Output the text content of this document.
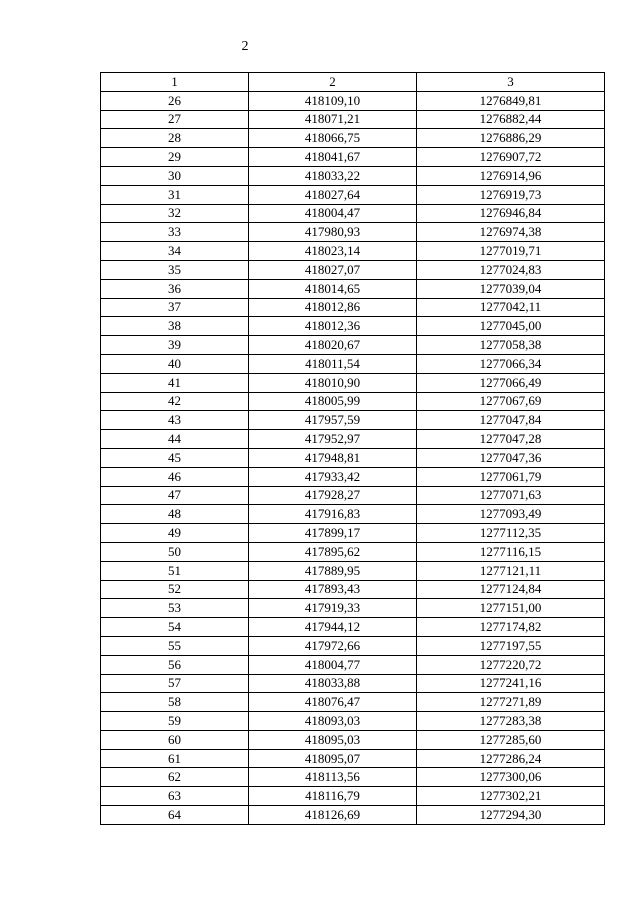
2
1	2	3
26	418109,10	1276849,81
27	418071,21	1276882,44
28	418066,75	1276886,29
29	418041,67	1276907,72
30	418033,22	1276914,96
31	418027,64	1276919,73
32	418004,47	1276946,84
33	417980,93	1276974,38
34	418023,14	1277019,71
35	418027,07	1277024,83
36	418014,65	1277039,04
37	418012,86	1277042,11
38	418012,36	1277045,00
39	418020,67	1277058,38
40	418011,54	1277066,34
41	418010,90	1277066,49
42	418005,99	1277067,69
43	417957,59	1277047,84
44	417952,97	1277047,28
45	417948,81	1277047,36
46	417933,42	1277061,79
47	417928,27	1277071,63
48	417916,83	1277093,49
49	417899,17	1277112,35
50	417895,62	1277116,15
51	417889,95	1277121,11
52	417893,43	1277124,84
53	417919,33	1277151,00
54	417944,12	1277174,82
55	417972,66	1277197,55
56	418004,77	1277220,72
57	418033,88	1277241,16
58	418076,47	1277271,89
59	418093,03	1277283,38
60	418095,03	1277285,60
61	418095,07	1277286,24
62	418113,56	1277300,06
63	418116,79	1277302,21
64	418126,69	1277294,30
